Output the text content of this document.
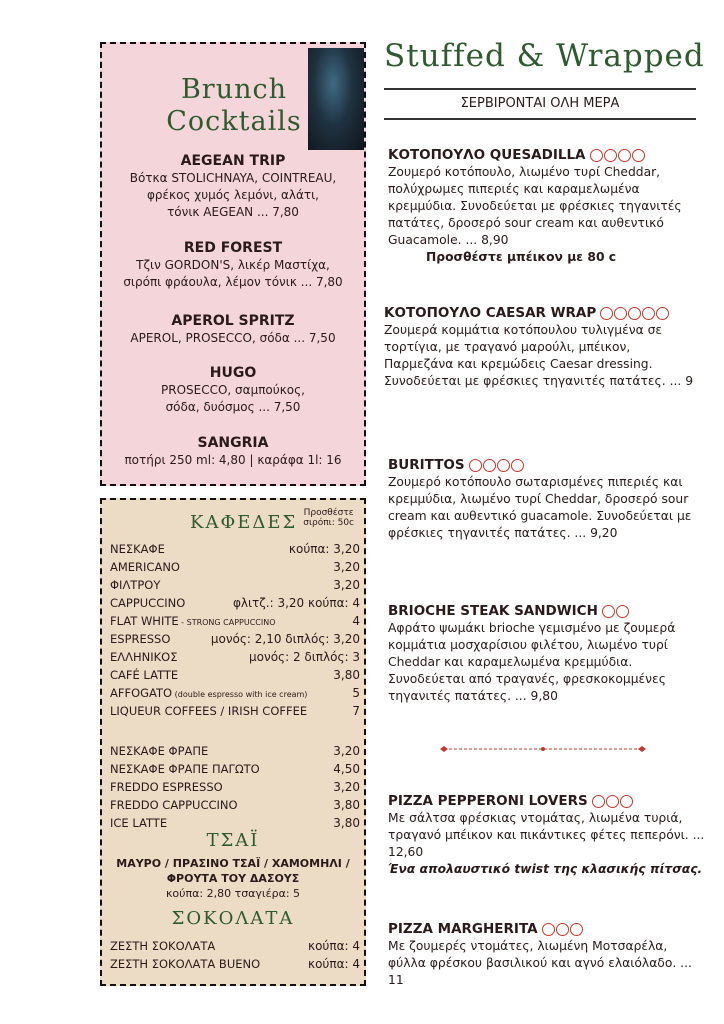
Brunch
Cocktails
AEGEAN TRIP
Βότκα STOLICHNAYA, COINTREAU,
φρέκος χυμός λεμόνι, αλάτι,
τόνικ AEGEAN ... 7,80
RED FOREST
Τζιν GORDON'S, λικέρ Μαστίχα,
σιρόπι φράουλα, λέμον τόνικ ... 7,80
APEROL SPRITZ
APEROL, PROSECCO, σόδα ... 7,50
HUGO
PROSECCO, σαμπούκος,
σόδα, δυόσμος ... 7,50
SANGRIA
ποτήρι 250 ml: 4,80 | καράφα 1l: 16
ΚΑΦΕΔΕΣ Προσθέστε
σιρόπι: 50c
ΝΕΣΚΑΦΕ	κούπα: 3,20
AMERICANO	3,20
ΦΙΛΤΡΟΥ	3,20
CAPPUCCINO	φλιτζ.: 3,20 κούπα: 4
FLAT WHITE - STRONG CAPPUCCINO	4
ESPRESSO	μονός: 2,10 διπλός: 3,20
ΕΛΛΗΝΙΚΟΣ	μονός: 2 διπλός: 3
CAFÉ LATTE	3,80
AFFOGATO (double espresso with ice cream)	5
LIQUEUR COFFEES / IRISH COFFEE	7
ΝΕΣΚΑΦΕ ΦΡΑΠΕ	3,20
ΝΕΣΚΑΦΕ ΦΡΑΠΕ ΠΑΓΩΤΟ	4,50
FREDDO ESPRESSO	3,20
FREDDO CAPPUCCINO	3,80
ICE LATTE	3,80
ΤΣΑΪ
ΜΑΥΡΟ / ΠΡΑΣΙΝΟ ΤΣΑΪ / ΧΑΜΟΜΗΛΙ /
ΦΡΟΥΤΑ ΤΟΥ ΔΑΣΟΥΣ
κούπα: 2,80 τσαγιέρα: 5
ΣΟΚΟΛΑΤΑ
ΖΕΣΤΗ ΣΟΚΟΛΑΤΑ	κούπα: 4
ΖΕΣΤΗ ΣΟΚΟΛΑΤΑ BUENO	κούπα: 4
Stuffed & Wrapped
ΣΕΡΒΙΡΟΝΤΑΙ ΟΛΗ ΜΕΡΑ
ΚΟΤΟΠΟΥΛΟ QUESADILLA
Ζουμερό κοτόπουλο, λιωμένο τυρί Cheddar, πολύχρωμες πιπεριές και καραμελωμένα κρεμμύδια. Συνοδεύεται με φρέσκιες τηγανιτές πατάτες, δροσερό sour cream και αυθεντικό Guacamole. ... 8,90
Προσθέστε μπέικον με 80 c
ΚΟΤΟΠΟΥΛΟ CAESAR WRAP
Ζουμερά κομμάτια κοτόπουλου τυλιγμένα σε τορτίγια, με τραγανό μαρούλι, μπέικον, Παρμεζάνα και κρεμώδεις Caesar dressing. Συνοδεύεται με φρέσκιες τηγανιτές πατάτες. ... 9
BURITTOS
Ζουμερό κοτόπουλο σωταρισμένες πιπεριές και κρεμμύδια, λιωμένο τυρί Cheddar, δροσερό sour cream και αυθεντικό guacamole. Συνοδεύεται με φρέσκιες τηγανιτές πατάτες. ... 9,20
BRIOCHE STEAK SANDWICH
Αφράτο ψωμάκι brioche γεμισμένο με ζουμερά κομμάτια μοσχαρίσιου φιλέτου, λιωμένο τυρί Cheddar και καραμελωμένα κρεμμύδια. Συνοδεύεται από τραγανές, φρεσκοκομμένες τηγανιτές πατάτες. ... 9,80
PIZZA PEPPERONI LOVERS
Με σάλτσα φρέσκιας ντομάτας, λιωμένα τυριά, τραγανό μπέικον και πικάντικες φέτες πεπερόνι. ... 12,60
Ένα απολαυστικό twist της κλασικής πίτσας.
PIZZA MARGHERITA
Με ζουμερές ντομάτες, λιωμένη Μοτσαρέλα, φύλλα φρέσκου βασιλικού και αγνό ελαιόλαδο. ... 11
